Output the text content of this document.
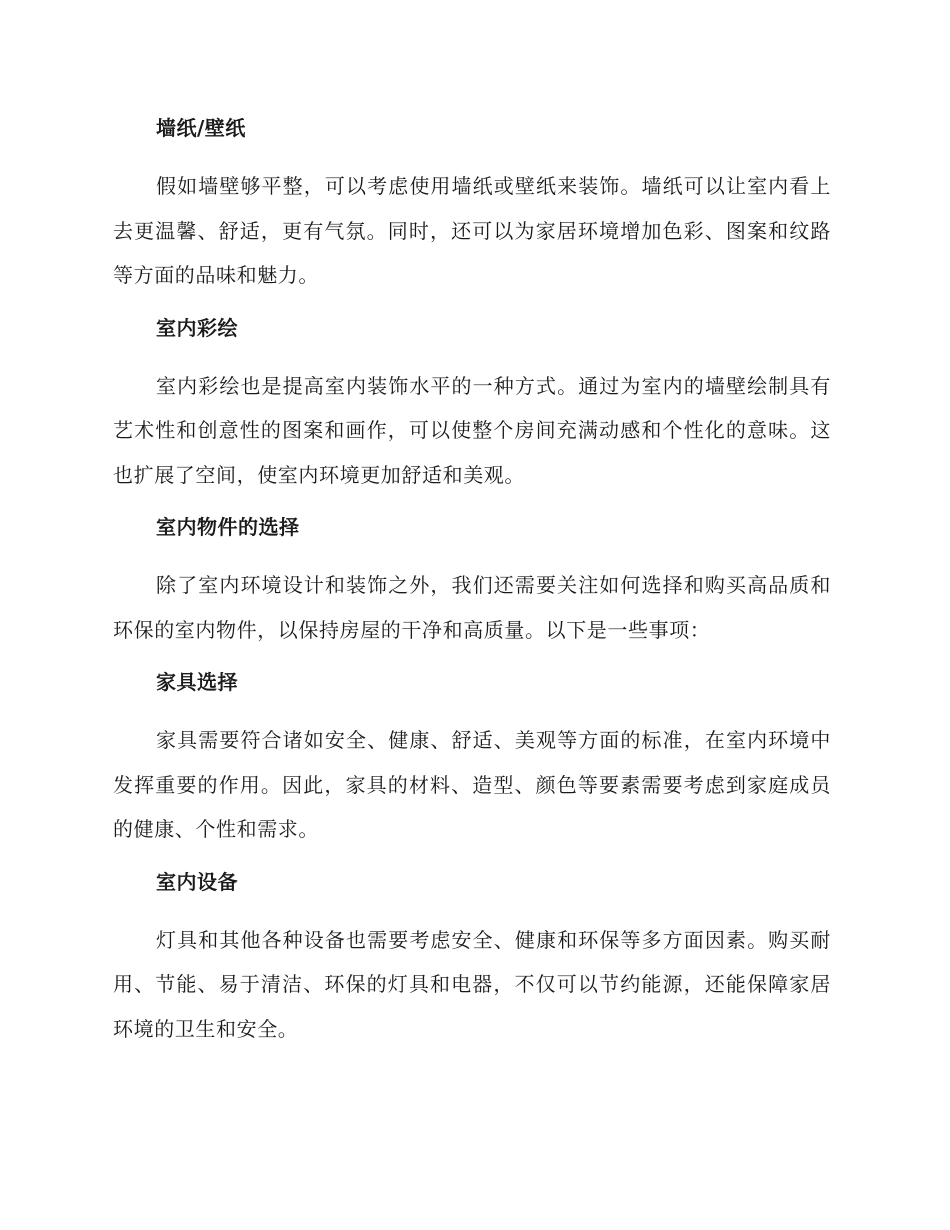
墙纸/壁纸

假如墙壁够平整，可以考虑使用墙纸或壁纸来装饰。墙纸可以让室内看上去更温馨、舒适，更有气氛。同时，还可以为家居环境增加色彩、图案和纹路等方面的品味和魅力。

室内彩绘

室内彩绘也是提高室内装饰水平的一种方式。通过为室内的墙壁绘制具有艺术性和创意性的图案和画作，可以使整个房间充满动感和个性化的意味。这也扩展了空间，使室内环境更加舒适和美观。

室内物件的选择

除了室内环境设计和装饰之外，我们还需要关注如何选择和购买高品质和环保的室内物件，以保持房屋的干净和高质量。以下是一些事项：

家具选择

家具需要符合诸如安全、健康、舒适、美观等方面的标准，在室内环境中发挥重要的作用。因此，家具的材料、造型、颜色等要素需要考虑到家庭成员的健康、个性和需求。

室内设备

灯具和其他各种设备也需要考虑安全、健康和环保等多方面因素。购买耐用、节能、易于清洁、环保的灯具和电器，不仅可以节约能源，还能保障家居环境的卫生和安全。
